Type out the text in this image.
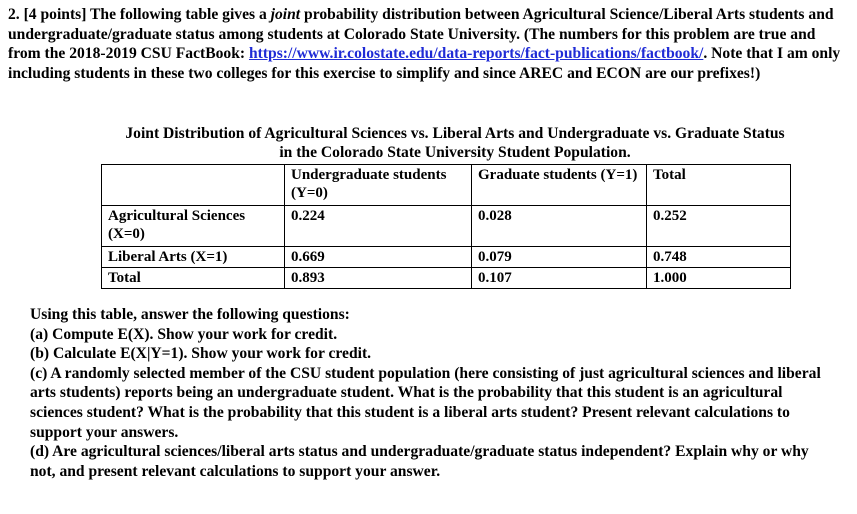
2. [4 points] The following table gives a joint probability distribution between Agricultural Science/Liberal Arts students and undergraduate/graduate status among students at Colorado State University. (The numbers for this problem are true and from the 2018-2019 CSU FactBook: https://www.ir.colostate.edu/data-reports/fact-publications/factbook/. Note that I am only including students in these two colleges for this exercise to simplify and since AREC and ECON are our prefixes!)
Joint Distribution of Agricultural Sciences vs. Liberal Arts and Undergraduate vs. Graduate Status
in the Colorado State University Student Population.
	Undergraduate students (Y=0)	Graduate students (Y=1)	Total
Agricultural Sciences (X=0)	0.224	0.028	0.252
Liberal Arts (X=1)	0.669	0.079	0.748
Total	0.893	0.107	1.000

Using this table, answer the following questions:

(a) Compute E(X). Show your work for credit.

(b) Calculate E(X|Y=1). Show your work for credit.

(c) A randomly selected member of the CSU student population (here consisting of just agricultural sciences and liberal arts students) reports being an undergraduate student. What is the probability that this student is an agricultural sciences student? What is the probability that this student is a liberal arts student? Present relevant calculations to support your answers.

(d) Are agricultural sciences/liberal arts status and undergraduate/graduate status independent? Explain why or why not, and present relevant calculations to support your answer.
